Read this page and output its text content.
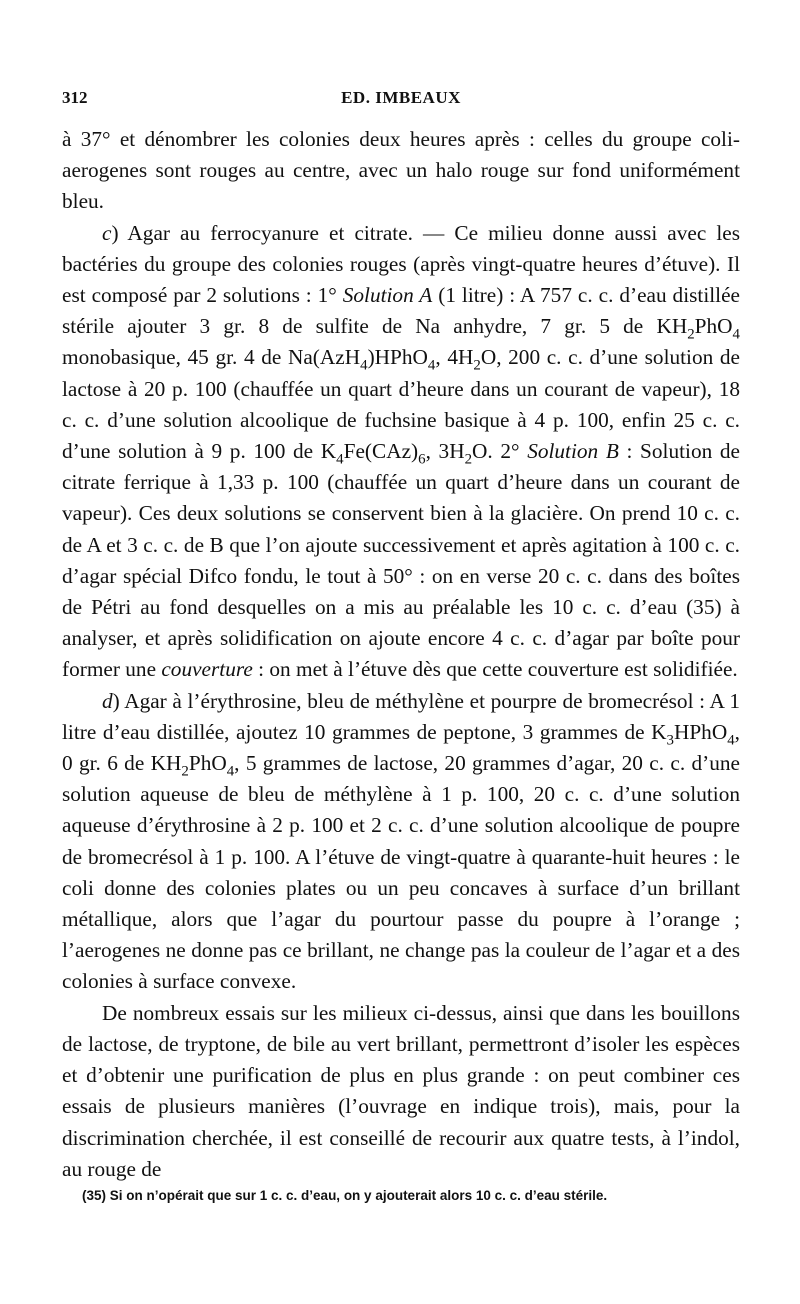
312	ED. IMBEAUX

à 37° et dénombrer les colonies deux heures après : celles du groupe coli-aerogenes sont rouges au centre, avec un halo rouge sur fond uniformément bleu.

c) Agar au ferrocyanure et citrate. — Ce milieu donne aussi avec les bactéries du groupe des colonies rouges (après vingt-quatre heures d’étuve). Il est composé par 2 solutions : 1° Solution A (1 litre) : A 757 c. c. d’eau distillée stérile ajouter 3 gr. 8 de sulfite de Na anhydre, 7 gr. 5 de $KH_2PhO_4$ monobasique, 45 gr. 4 de Na(AzH$_4$)HPhO$_4$, $4H_2O$, 200 c. c. d’une solution de lactose à 20 p. 100 (chauffée un quart d’heure dans un courant de vapeur), 18 c. c. d’une solution alcoolique de fuchsine basique à 4 p. 100, enfin 25 c. c. d’une solution à 9 p. 100 de $K_4Fe(CAz)_6$, $3H_2O$. 2° Solution B : Solution de citrate ferrique à 1,33 p. 100 (chauffée un quart d’heure dans un courant de vapeur). Ces deux solutions se conservent bien à la glacière. On prend 10 c. c. de A et 3 c. c. de B que l’on ajoute successivement et après agitation à 100 c. c. d’agar spécial Difco fondu, le tout à 50° : on en verse 20 c. c. dans des boîtes de Pétri au fond desquelles on a mis au préalable les 10 c. c. d’eau (35) à analyser, et après solidification on ajoute encore 4 c. c. d’agar par boîte pour former une couverture : on met à l’étuve dès que cette couverture est solidifiée.

d) Agar à l’érythrosine, bleu de méthylène et pourpre de bromecrésol : A 1 litre d’eau distillée, ajoutez 10 grammes de peptone, 3 grammes de $K_3HPhO_4$, 0 gr. 6 de $KH_2PhO_4$, 5 grammes de lactose, 20 grammes d’agar, 20 c. c. d’une solution aqueuse de bleu de méthylène à 1 p. 100, 20 c. c. d’une solution aqueuse d’érythrosine à 2 p. 100 et 2 c. c. d’une solution alcoolique de poupre de bromecrésol à 1 p. 100. A l’étuve de vingt-quatre à quarante-huit heures : le coli donne des colonies plates ou un peu concaves à surface d’un brillant métallique, alors que l’agar du pourtour passe du poupre à l’orange ; l’aerogenes ne donne pas ce brillant, ne change pas la couleur de l’agar et a des colonies à surface convexe.

De nombreux essais sur les milieux ci-dessus, ainsi que dans les bouillons de lactose, de tryptone, de bile au vert brillant, permettront d’isoler les espèces et d’obtenir une purification de plus en plus grande : on peut combiner ces essais de plusieurs manières (l’ouvrage en indique trois), mais, pour la discrimination cherchée, il est conseillé de recourir aux quatre tests, à l’indol, au rouge de

(35) Si on n’opérait que sur 1 c. c. d’eau, on y ajouterait alors 10 c. c. d’eau stérile.
